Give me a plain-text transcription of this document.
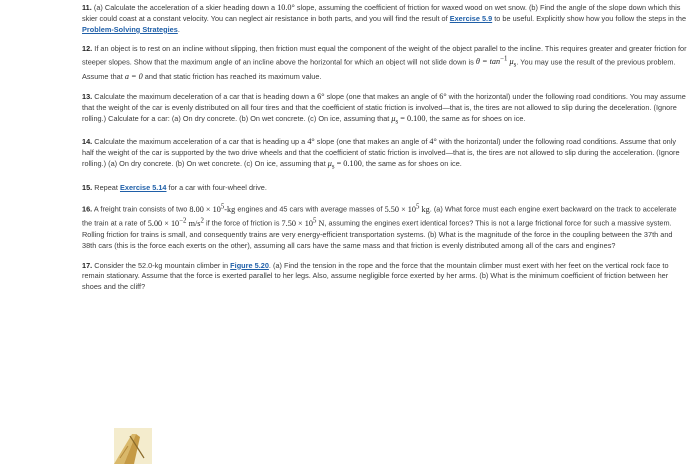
11. (a) Calculate the acceleration of a skier heading down a 10.0° slope, assuming the coefficient of friction for waxed wood on wet snow. (b) Find the angle of the slope down which this skier could coast at a constant velocity. You can neglect air resistance in both parts, and you will find the result of Exercise 5.9 to be useful. Explicitly show how you follow the steps in the Problem-Solving Strategies.

12. If an object is to rest on an incline without slipping, then friction must equal the component of the weight of the object parallel to the incline. This requires greater and greater friction for steeper slopes. Show that the maximum angle of an incline above the horizontal for which an object will not slide down is $\theta = \tan^{-1} \mu_s$. You may use the result of the previous problem. Assume that a = 0 and that static friction has reached its maximum value.

13. Calculate the maximum deceleration of a car that is heading down a 6° slope (one that makes an angle of 6° with the horizontal) under the following road conditions. You may assume that the weight of the car is evenly distributed on all four tires and that the coefficient of static friction is involved—that is, the tires are not allowed to slip during the deceleration. (Ignore rolling.) Calculate for a car: (a) On dry concrete. (b) On wet concrete. (c) On ice, assuming that $\mu_s = 0.100$, the same as for shoes on ice.

14. Calculate the maximum acceleration of a car that is heading up a 4° slope (one that makes an angle of 4° with the horizontal) under the following road conditions. Assume that only half the weight of the car is supported by the two drive wheels and that the coefficient of static friction is involved—that is, the tires are not allowed to slip during the acceleration. (Ignore rolling.) (a) On dry concrete. (b) On wet concrete. (c) On ice, assuming that $\mu_s = 0.100$, the same as for shoes on ice.

15. Repeat Exercise 5.14 for a car with four-wheel drive.

16. A freight train consists of two $8.00 \times 10^5-kg$ engines and 45 cars with average masses of $5.50 \times 10^5$ kg. (a) What force must each engine exert backward on the track to accelerate the train at a rate of $5.00 \times 10^{-2}$ $m/s^2$ if the force of friction is $7.50 \times 10^5$ N, assuming the engines exert identical forces? This is not a large frictional force for such a massive system. Rolling friction for trains is small, and consequently trains are very energy-efficient transportation systems. (b) What is the magnitude of the force in the coupling between the 37th and 38th cars (this is the force each exerts on the other), assuming all cars have the same mass and that friction is evenly distributed among all of the cars and engines?

17. Consider the 52.0-kg mountain climber in Figure 5.20. (a) Find the tension in the rope and the force that the mountain climber must exert with her feet on the vertical rock face to remain stationary. Assume that the force is exerted parallel to her legs. Also, assume negligible force exerted by her arms. (b) What is the minimum coefficient of friction between her shoes and the cliff?
